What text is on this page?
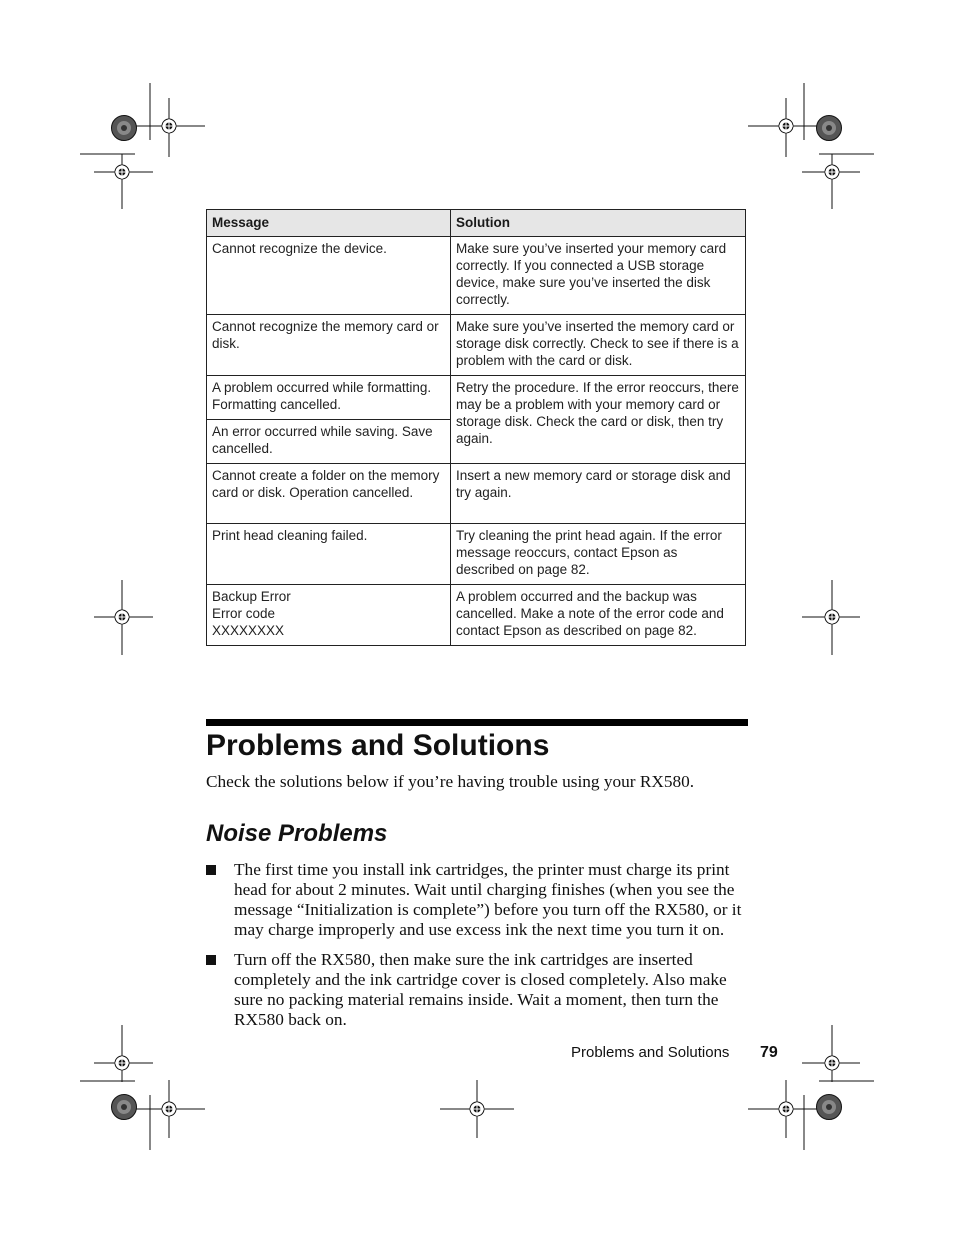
Message	Solution
Cannot recognize the device.	Make sure you’ve inserted your memory card correctly. If you connected a USB storage device, make sure you’ve inserted the disk correctly.
Cannot recognize the memory card or disk.	Make sure you’ve inserted the memory card or storage disk correctly. Check to see if there is a problem with the card or disk.
A problem occurred while formatting. Formatting cancelled.	Retry the procedure. If the error reoccurs, there may be a problem with your memory card or storage disk. Check the card or disk, then try again.
An error occurred while saving. Save cancelled.	
Cannot create a folder on the memory card or disk. Operation cancelled.	Insert a new memory card or storage disk and try again.
Print head cleaning failed.	Try cleaning the print head again. If the error message reoccurs, contact Epson as described on page 82.
Backup Error
Error code
XXXXXXXX	A problem occurred and the backup was cancelled. Make a note of the error code and contact Epson as described on page 82.
Problems and Solutions

Check the solutions below if you’re having trouble using your RX580.

Noise Problems
The first time you install ink cartridges, the printer must charge its print head for about 2 minutes. Wait until charging finishes (when you see the message “Initialization is complete”) before you turn off the RX580, or it may charge improperly and use excess ink the next time you turn it on.
Turn off the RX580, then make sure the ink cartridges are inserted completely and the ink cartridge cover is closed completely. Also make sure no packing material remains inside. Wait a moment, then turn the RX580 back on.
Problems and Solutions 79
